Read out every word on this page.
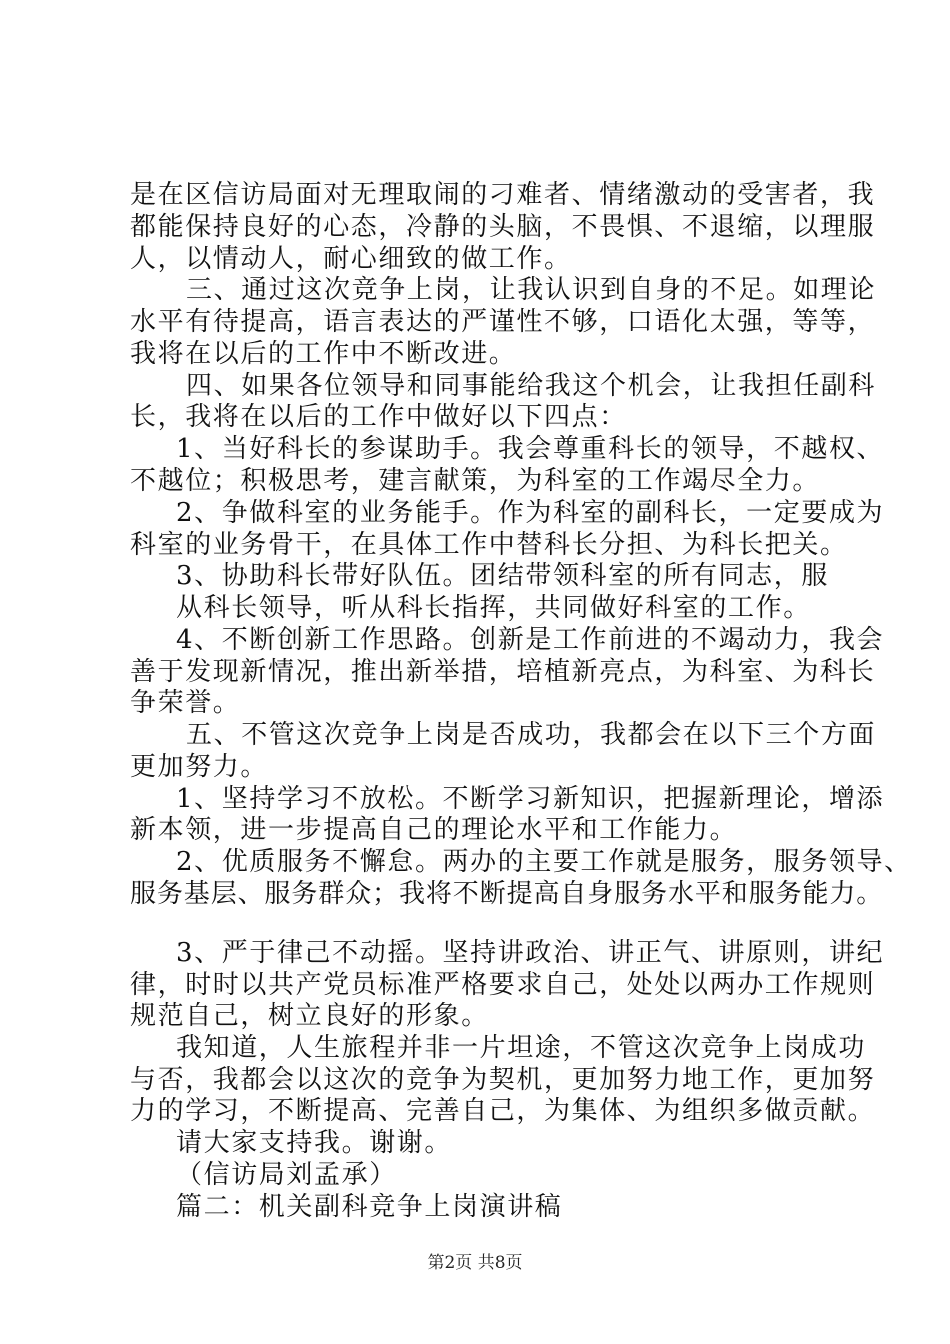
是在区信访局面对无理取闹的刁难者、情绪激动的受害者，我
都能保持良好的心态，冷静的头脑，不畏惧、不退缩，以理服
人，以情动人，耐心细致的做工作。
三、通过这次竞争上岗，让我认识到自身的不足。如理论
水平有待提高，语言表达的严谨性不够，口语化太强，等等，
我将在以后的工作中不断改进。
四、如果各位领导和同事能给我这个机会，让我担任副科
长，我将在以后的工作中做好以下四点：
1、当好科长的参谋助手。我会尊重科长的领导，不越权、
不越位；积极思考，建言献策，为科室的工作竭尽全力。
2、争做科室的业务能手。作为科室的副科长，一定要成为
科室的业务骨干，在具体工作中替科长分担、为科长把关。
3、协助科长带好队伍。团结带领科室的所有同志，服
从科长领导，听从科长指挥，共同做好科室的工作。
4、不断创新工作思路。创新是工作前进的不竭动力，我会
善于发现新情况，推出新举措，培植新亮点，为科室、为科长
争荣誉。
五、不管这次竞争上岗是否成功，我都会在以下三个方面
更加努力。
1、坚持学习不放松。不断学习新知识，把握新理论，增添
新本领，进一步提高自己的理论水平和工作能力。
2、优质服务不懈怠。两办的主要工作就是服务，服务领导、
服务基层、服务群众；我将不断提高自身服务水平和服务能力。
3、严于律己不动摇。坚持讲政治、讲正气、讲原则，讲纪
律，时时以共产党员标准严格要求自己，处处以两办工作规则
规范自己，树立良好的形象。
我知道，人生旅程并非一片坦途，不管这次竞争上岗成功
与否，我都会以这次的竞争为契机，更加努力地工作，更加努
力的学习，不断提高、完善自己，为集体、为组织多做贡献。
请大家支持我。谢谢。
（信访局刘孟承）
篇二：机关副科竞争上岗演讲稿
第2页 共8页
